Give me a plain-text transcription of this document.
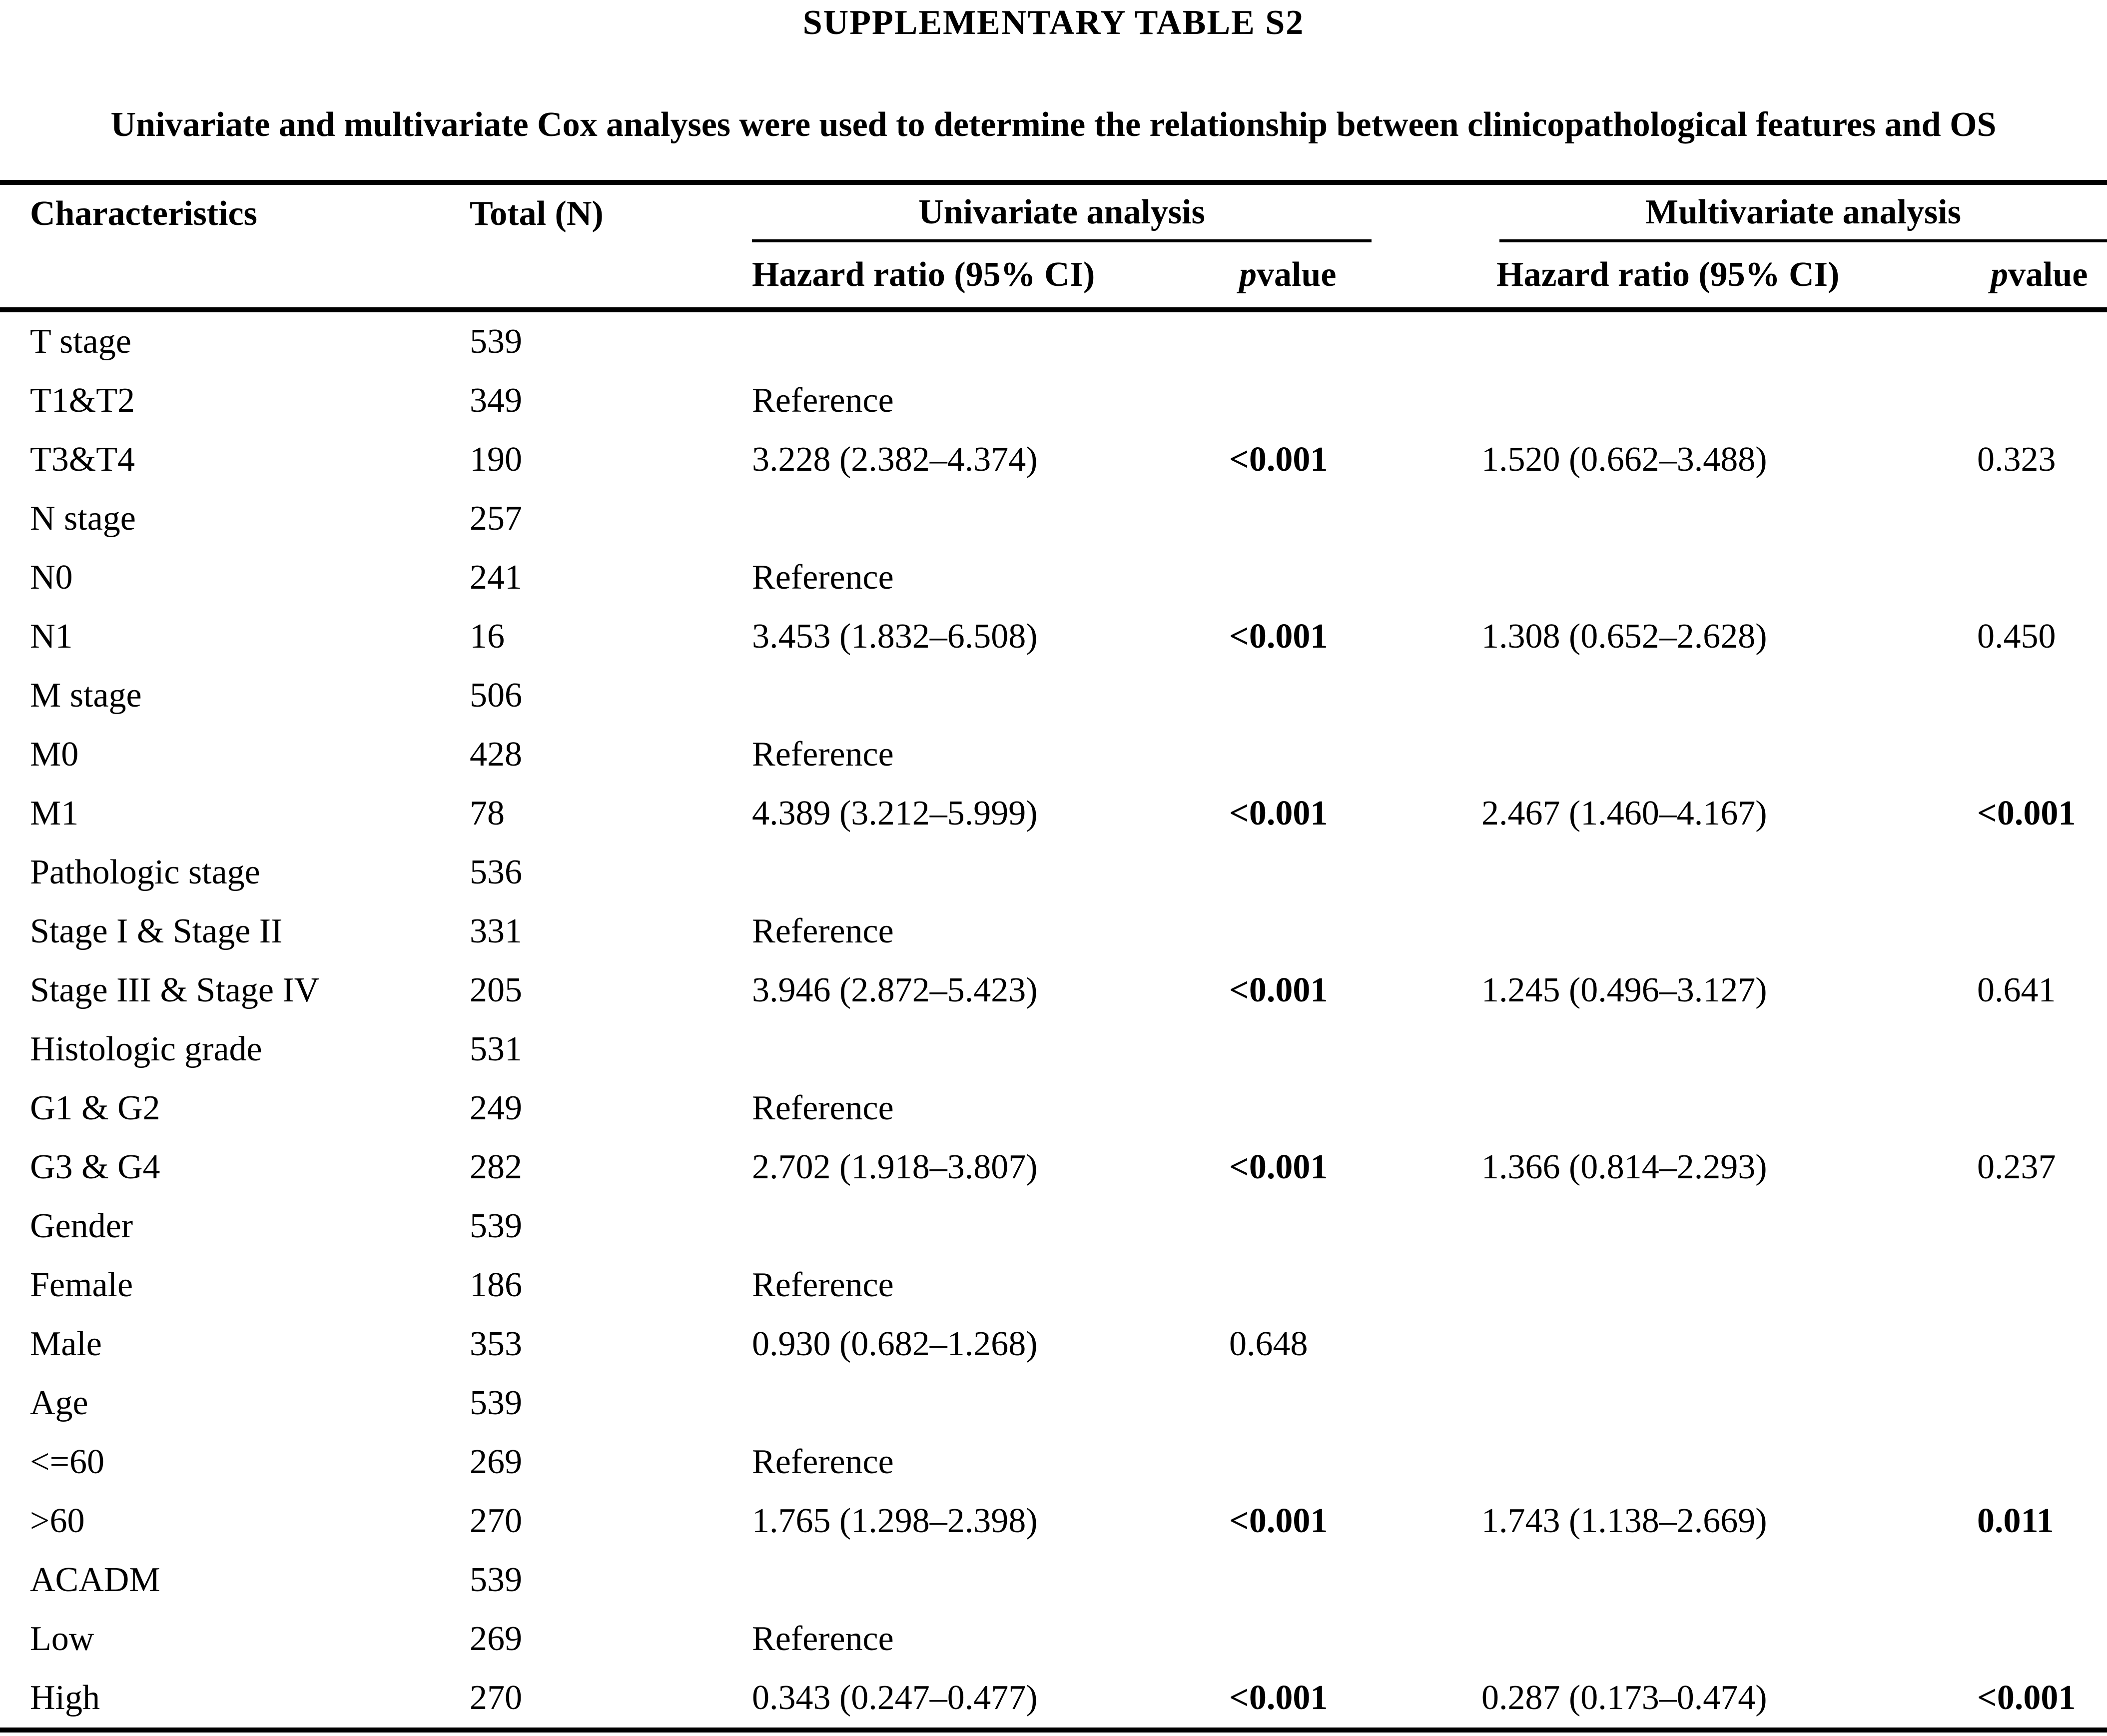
SUPPLEMENTARY TABLE S2
Univariate and multivariate Cox analyses were used to determine the relationship between clinicopathological features and OS
Characteristics	Total (N)	Univariate analysis	Multivariate analysis
Hazard ratio (95% CI)	p value	Hazard ratio (95% CI)	p value
T stage	539
T1&T2	349	Reference
T3&T4	190	3.228 (2.382–4.374)	<0.001	1.520 (0.662–3.488)	0.323
N stage	257
N0	241	Reference
N1	16	3.453 (1.832–6.508)	<0.001	1.308 (0.652–2.628)	0.450
M stage	506
M0	428	Reference
M1	78	4.389 (3.212–5.999)	<0.001	2.467 (1.460–4.167)	<0.001
Pathologic stage	536
Stage I & Stage II	331	Reference
Stage III & Stage IV	205	3.946 (2.872–5.423)	<0.001	1.245 (0.496–3.127)	0.641
Histologic grade	531
G1 & G2	249	Reference
G3 & G4	282	2.702 (1.918–3.807)	<0.001	1.366 (0.814–2.293)	0.237
Gender	539
Female	186	Reference
Male	353	0.930 (0.682–1.268)	0.648
Age	539
<=60	269	Reference
>60	270	1.765 (1.298–2.398)	<0.001	1.743 (1.138–2.669)	0.011
ACADM	539
Low	269	Reference
High	270	0.343 (0.247–0.477)	<0.001	0.287 (0.173–0.474)	<0.001
